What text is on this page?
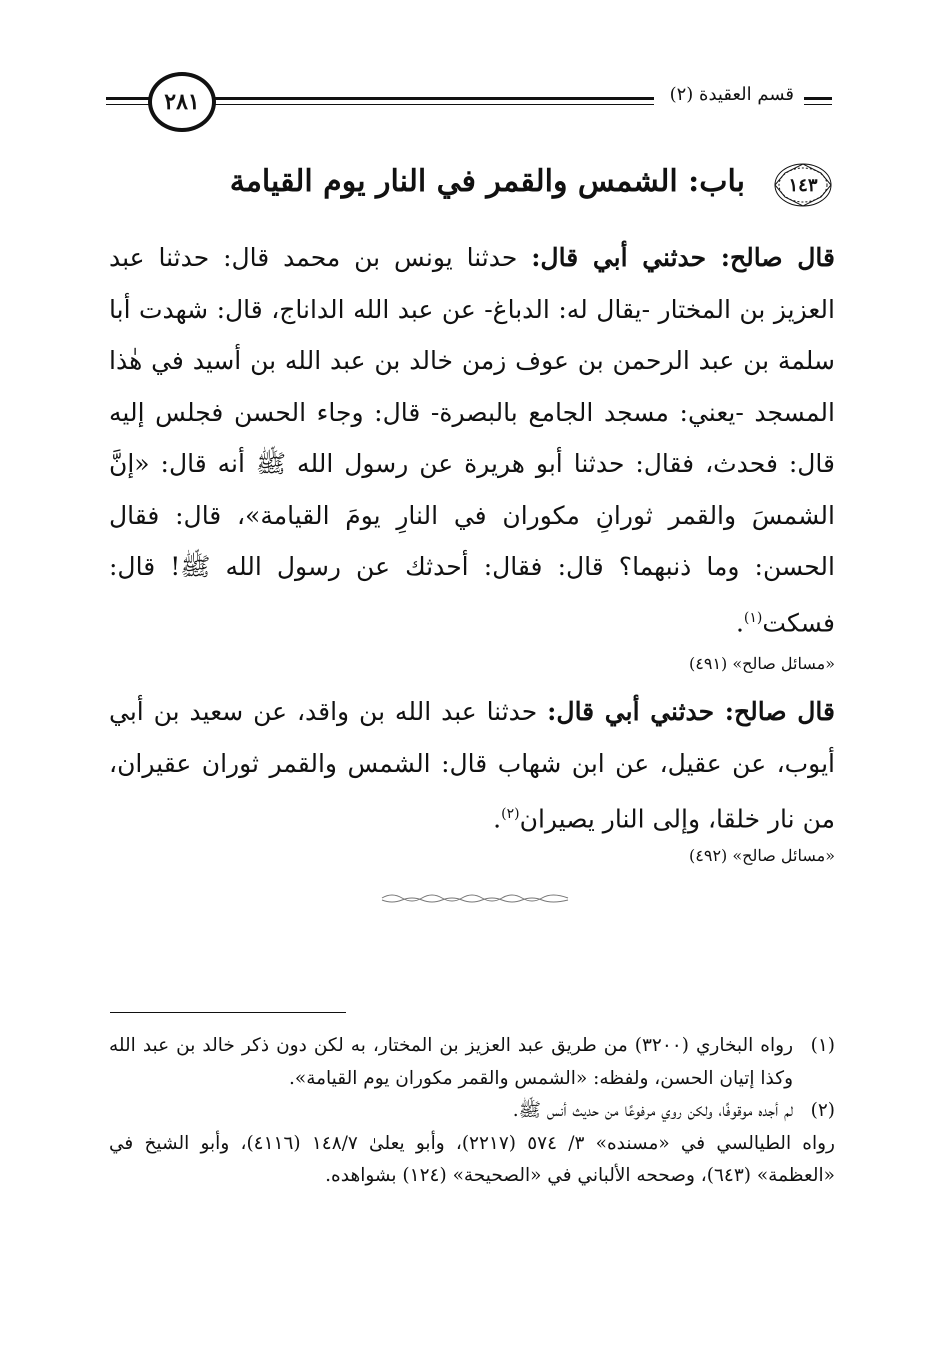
٢٨١	قسم العقيدة (٢)
١٤٣
باب: الشمس والقمر في النار يوم القيامة

قال صالح: حدثني أبي قال: حدثنا يونس بن محمد قال: حدثنا عبد العزيز بن المختار -يقال له: الدباغ- عن عبد الله الداناج، قال: شهدت أبا سلمة بن عبد الرحمن بن عوف زمن خالد بن عبد الله بن أسيد في هٰذا المسجد -يعني: مسجد الجامع بالبصرة- قال: وجاء الحسن فجلس إليه قال: فحدث، فقال: حدثنا أبو هريرة عن رسول الله ﷺ أنه قال: «إنَّ الشمسَ والقمر ثورانِ مكوران في النارِ يومَ القيامة»، قال: فقال الحسن: وما ذنبهما؟ قال: فقال: أحدثك عن رسول الله ﷺ! قال: فسكت$^{(١)}$.

«مسائل صالح» (٤٩١)

قال صالح: حدثني أبي قال: حدثنا عبد الله بن واقد، عن سعيد بن أبي أيوب، عن عقيل، عن ابن شهاب قال: الشمس والقمر ثوران عقيران، من نار خلقا، وإلى النار يصيران$^{(٢)}$.

«مسائل صالح» (٤٩٢)
(١)
رواه البخاري (٣٢٠٠) من طريق عبد العزيز بن المختار، به لكن دون ذكر خالد بن عبد الله وكذا إتيان الحسن، ولفظه: «الشمس والقمر مكوران يوم القيامة».
(٢)
لم أجده موقوفًا، ولكن روي مرفوعًا من حديث أنس ﷺ.
رواه الطيالسي في «مسنده» ٣/ ٥٧٤ (٢٢١٧)، وأبو يعلىٰ ١٤٨/٧ (٤١١٦)، وأبو الشيخ في «العظمة» (٦٤٣)، وصححه الألباني في «الصحيحة» (١٢٤) بشواهده.
